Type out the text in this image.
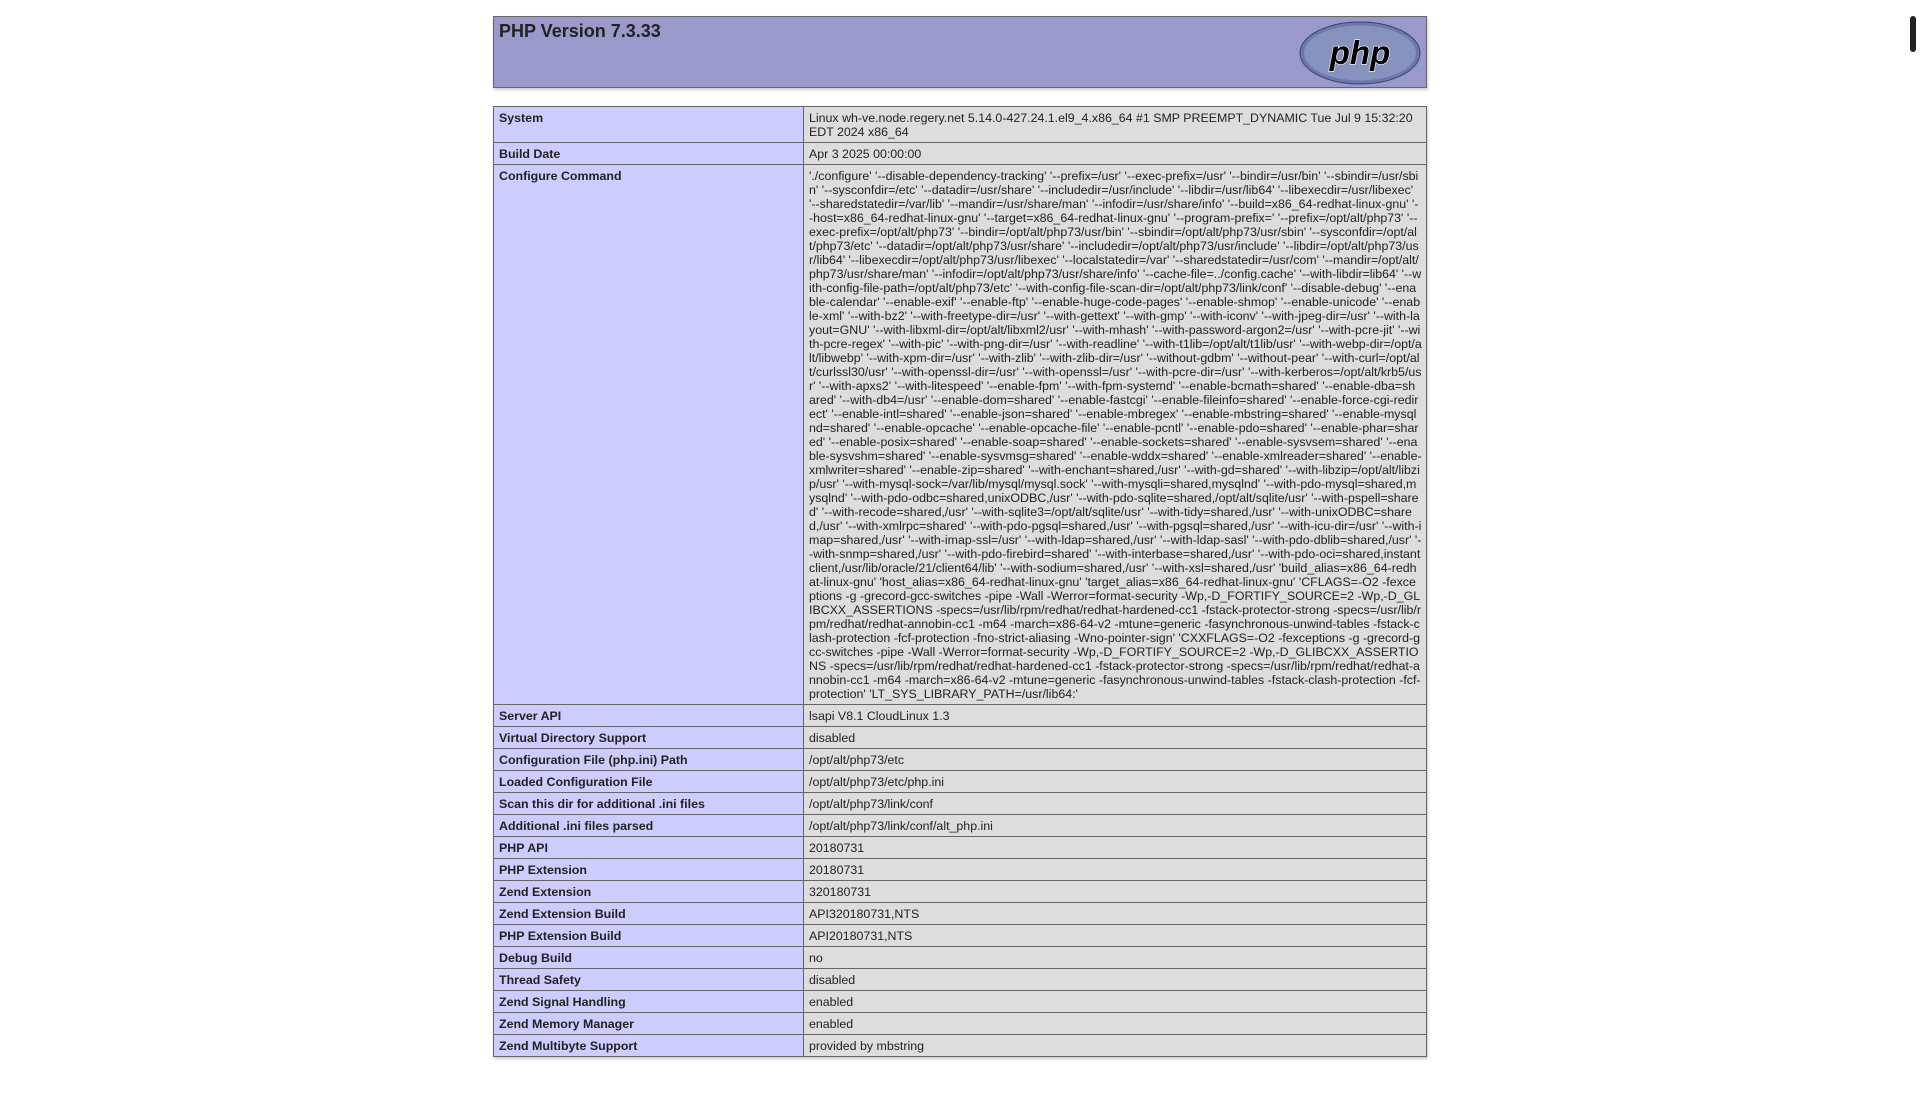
PHP Version 7.3.33
php
System	Linux wh-ve.node.regery.net 5.14.0-427.24.1.el9_4.x86_64 #1 SMP PREEMPT_DYNAMIC Tue Jul 9 15:32:20 EDT 2024 x86_64
Build Date	Apr 3 2025 00:00:00
Configure Command	'./configure' '--disable-dependency-tracking' '--prefix=/usr' '--exec-prefix=/usr' '--bindir=/usr/bin' '--sbindir=/usr/sbin' '--sysconfdir=/etc' '--datadir=/usr/share' '--includedir=/usr/include' '--libdir=/usr/lib64' '--libexecdir=/usr/libexec' '--sharedstatedir=/var/lib' '--mandir=/usr/share/man' '--infodir=/usr/share/info' '--build=x86_64-redhat-linux-gnu' '--host=x86_64-redhat-linux-gnu' '--target=x86_64-redhat-linux-gnu' '--program-prefix=' '--prefix=/opt/alt/php73' '--exec-prefix=/opt/alt/php73' '--bindir=/opt/alt/php73/usr/bin' '--sbindir=/opt/alt/php73/usr/sbin' '--sysconfdir=/opt/alt/php73/etc' '--datadir=/opt/alt/php73/usr/share' '--includedir=/opt/alt/php73/usr/include' '--libdir=/opt/alt/php73/usr/lib64' '--libexecdir=/opt/alt/php73/usr/libexec' '--localstatedir=/var' '--sharedstatedir=/usr/com' '--mandir=/opt/alt/php73/usr/share/man' '--infodir=/opt/alt/php73/usr/share/info' '--cache-file=../config.cache' '--with-libdir=lib64' '--with-config-file-path=/opt/alt/php73/etc' '--with-config-file-scan-dir=/opt/alt/php73/link/conf' '--disable-debug' '--enable-calendar' '--enable-exif' '--enable-ftp' '--enable-huge-code-pages' '--enable-shmop' '--enable-unicode' '--enable-xml' '--with-bz2' '--with-freetype-dir=/usr' '--with-gettext' '--with-gmp' '--with-iconv' '--with-jpeg-dir=/usr' '--with-layout=GNU' '--with-libxml-dir=/opt/alt/libxml2/usr' '--with-mhash' '--with-password-argon2=/usr' '--with-pcre-jit' '--with-pcre-regex' '--with-pic' '--with-png-dir=/usr' '--with-readline' '--with-t1lib=/opt/alt/t1lib/usr' '--with-webp-dir=/opt/alt/libwebp' '--with-xpm-dir=/usr' '--with-zlib' '--with-zlib-dir=/usr' '--without-gdbm' '--without-pear' '--with-curl=/opt/alt/curlssl30/usr' '--with-openssl-dir=/usr' '--with-openssl=/usr' '--with-pcre-dir=/usr' '--with-kerberos=/opt/alt/krb5/usr' '--with-apxs2' '--with-litespeed' '--enable-fpm' '--with-fpm-systemd' '--enable-bcmath=shared' '--enable-dba=shared' '--with-db4=/usr' '--enable-dom=shared' '--enable-fastcgi' '--enable-fileinfo=shared' '--enable-force-cgi-redirect' '--enable-intl=shared' '--enable-json=shared' '--enable-mbregex' '--enable-mbstring=shared' '--enable-mysqlnd=shared' '--enable-opcache' '--enable-opcache-file' '--enable-pcntl' '--enable-pdo=shared' '--enable-phar=shared' '--enable-posix=shared' '--enable-soap=shared' '--enable-sockets=shared' '--enable-sysvsem=shared' '--enable-sysvshm=shared' '--enable-sysvmsg=shared' '--enable-wddx=shared' '--enable-xmlreader=shared' '--enable-xmlwriter=shared' '--enable-zip=shared' '--with-enchant=shared,/usr' '--with-gd=shared' '--with-libzip=/opt/alt/libzip/usr' '--with-mysql-sock=/var/lib/mysql/mysql.sock' '--with-mysqli=shared,mysqlnd' '--with-pdo-mysql=shared,mysqlnd' '--with-pdo-odbc=shared,unixODBC,/usr' '--with-pdo-sqlite=shared,/opt/alt/sqlite/usr' '--with-pspell=shared' '--with-recode=shared,/usr' '--with-sqlite3=/opt/alt/sqlite/usr' '--with-tidy=shared,/usr' '--with-unixODBC=shared,/usr' '--with-xmlrpc=shared' '--with-pdo-pgsql=shared,/usr' '--with-pgsql=shared,/usr' '--with-icu-dir=/usr' '--with-imap=shared,/usr' '--with-imap-ssl=/usr' '--with-ldap=shared,/usr' '--with-ldap-sasl' '--with-pdo-dblib=shared,/usr' '--with-snmp=shared,/usr' '--with-pdo-firebird=shared' '--with-interbase=shared,/usr' '--with-pdo-oci=shared,instantclient,/usr/lib/oracle/21/client64/lib' '--with-sodium=shared,/usr' '--with-xsl=shared,/usr' 'build_alias=x86_64-redhat-linux-gnu' 'host_alias=x86_64-redhat-linux-gnu' 'target_alias=x86_64-redhat-linux-gnu' 'CFLAGS=-O2 -fexceptions -g -grecord-gcc-switches -pipe -Wall -Werror=format-security -Wp,-D_FORTIFY_SOURCE=2 -Wp,-D_GLIBCXX_ASSERTIONS -specs=/usr/lib/rpm/redhat/redhat-hardened-cc1 -fstack-protector-strong -specs=/usr/lib/rpm/redhat/redhat-annobin-cc1 -m64 -march=x86-64-v2 -mtune=generic -fasynchronous-unwind-tables -fstack-clash-protection -fcf-protection -fno-strict-aliasing -Wno-pointer-sign' 'CXXFLAGS=-O2 -fexceptions -g -grecord-gcc-switches -pipe -Wall -Werror=format-security -Wp,-D_FORTIFY_SOURCE=2 -Wp,-D_GLIBCXX_ASSERTIONS -specs=/usr/lib/rpm/redhat/redhat-hardened-cc1 -fstack-protector-strong -specs=/usr/lib/rpm/redhat/redhat-annobin-cc1 -m64 -march=x86-64-v2 -mtune=generic -fasynchronous-unwind-tables -fstack-clash-protection -fcf-protection' 'LT_SYS_LIBRARY_PATH=/usr/lib64:'
Server API	lsapi V8.1 CloudLinux 1.3
Virtual Directory Support	disabled
Configuration File (php.ini) Path	/opt/alt/php73/etc
Loaded Configuration File	/opt/alt/php73/etc/php.ini
Scan this dir for additional .ini files	/opt/alt/php73/link/conf
Additional .ini files parsed	/opt/alt/php73/link/conf/alt_php.ini
PHP API	20180731
PHP Extension	20180731
Zend Extension	320180731
Zend Extension Build	API320180731,NTS
PHP Extension Build	API20180731,NTS
Debug Build	no
Thread Safety	disabled
Zend Signal Handling	enabled
Zend Memory Manager	enabled
Zend Multibyte Support	provided by mbstring
